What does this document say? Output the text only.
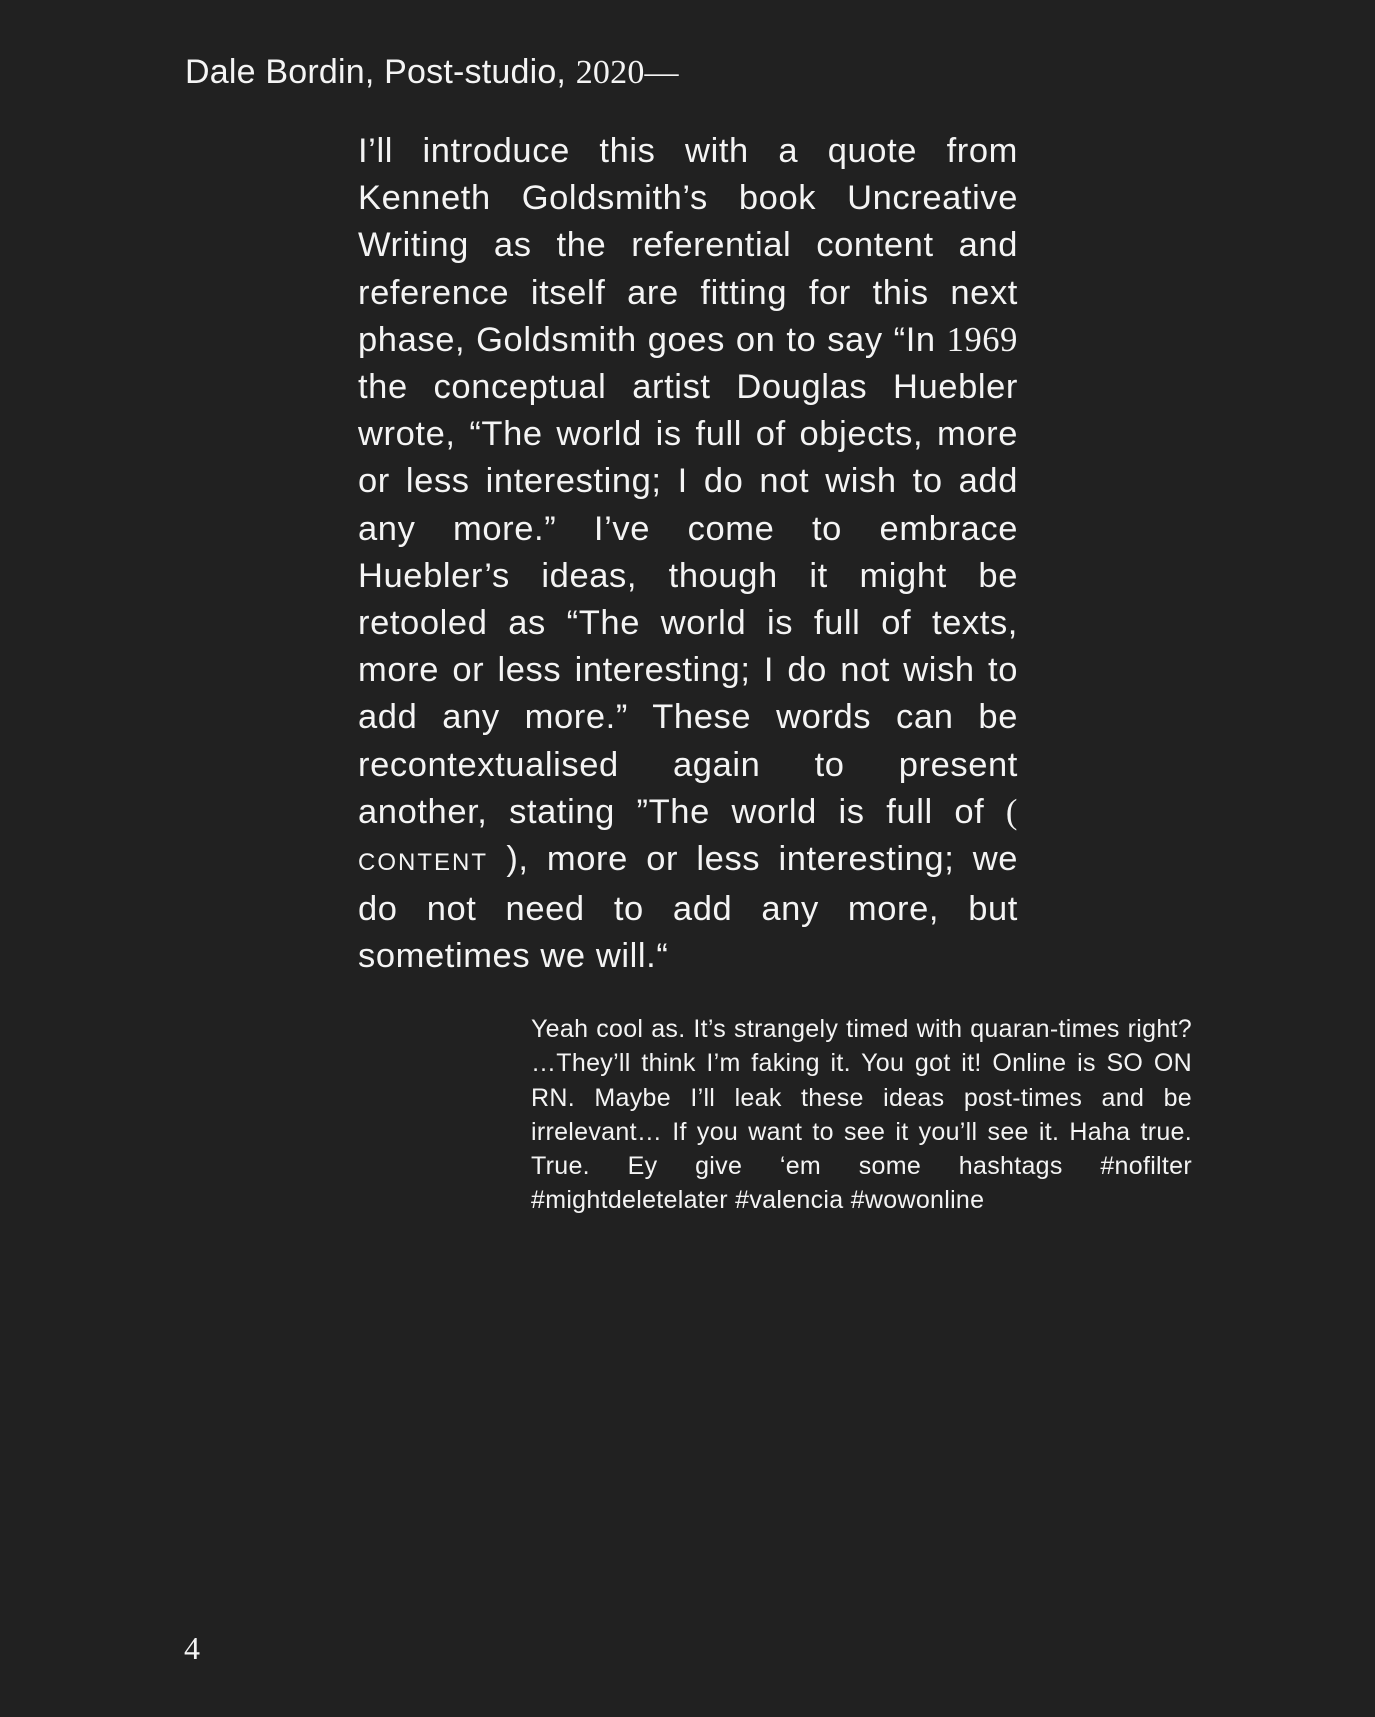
Dale Bordin, Post-studio, 2020—

I’ll introduce this with a quote from Kenneth Goldsmith’s book Uncreative Writing as the referential content and reference itself are fitting for this next phase, Goldsmith goes on to say “In 1969 the conceptual artist Douglas Huebler wrote, “The world is full of objects, more or less interesting; I do not wish to add any more.” I’ve come to embrace Huebler’s ideas, though it might be retooled as “The world is full of texts, more or less interesting; I do not wish to add any more.” These words can be recontextualised again to present another, stating ”The world is full of ( CONTENT ), more or less interesting; we do not need to add any more, but sometimes we will.“

Yeah cool as. It’s strangely timed with quaran-times right? …They’ll think I’m faking it. You got it! Online is SO ON RN. Maybe I’ll leak these ideas post-times and be irrelevant… If you want to see it you’ll see it. Haha true. True. Ey give ‘em some hashtags #nofilter #mightdeletelater #valencia #wowonline

4
